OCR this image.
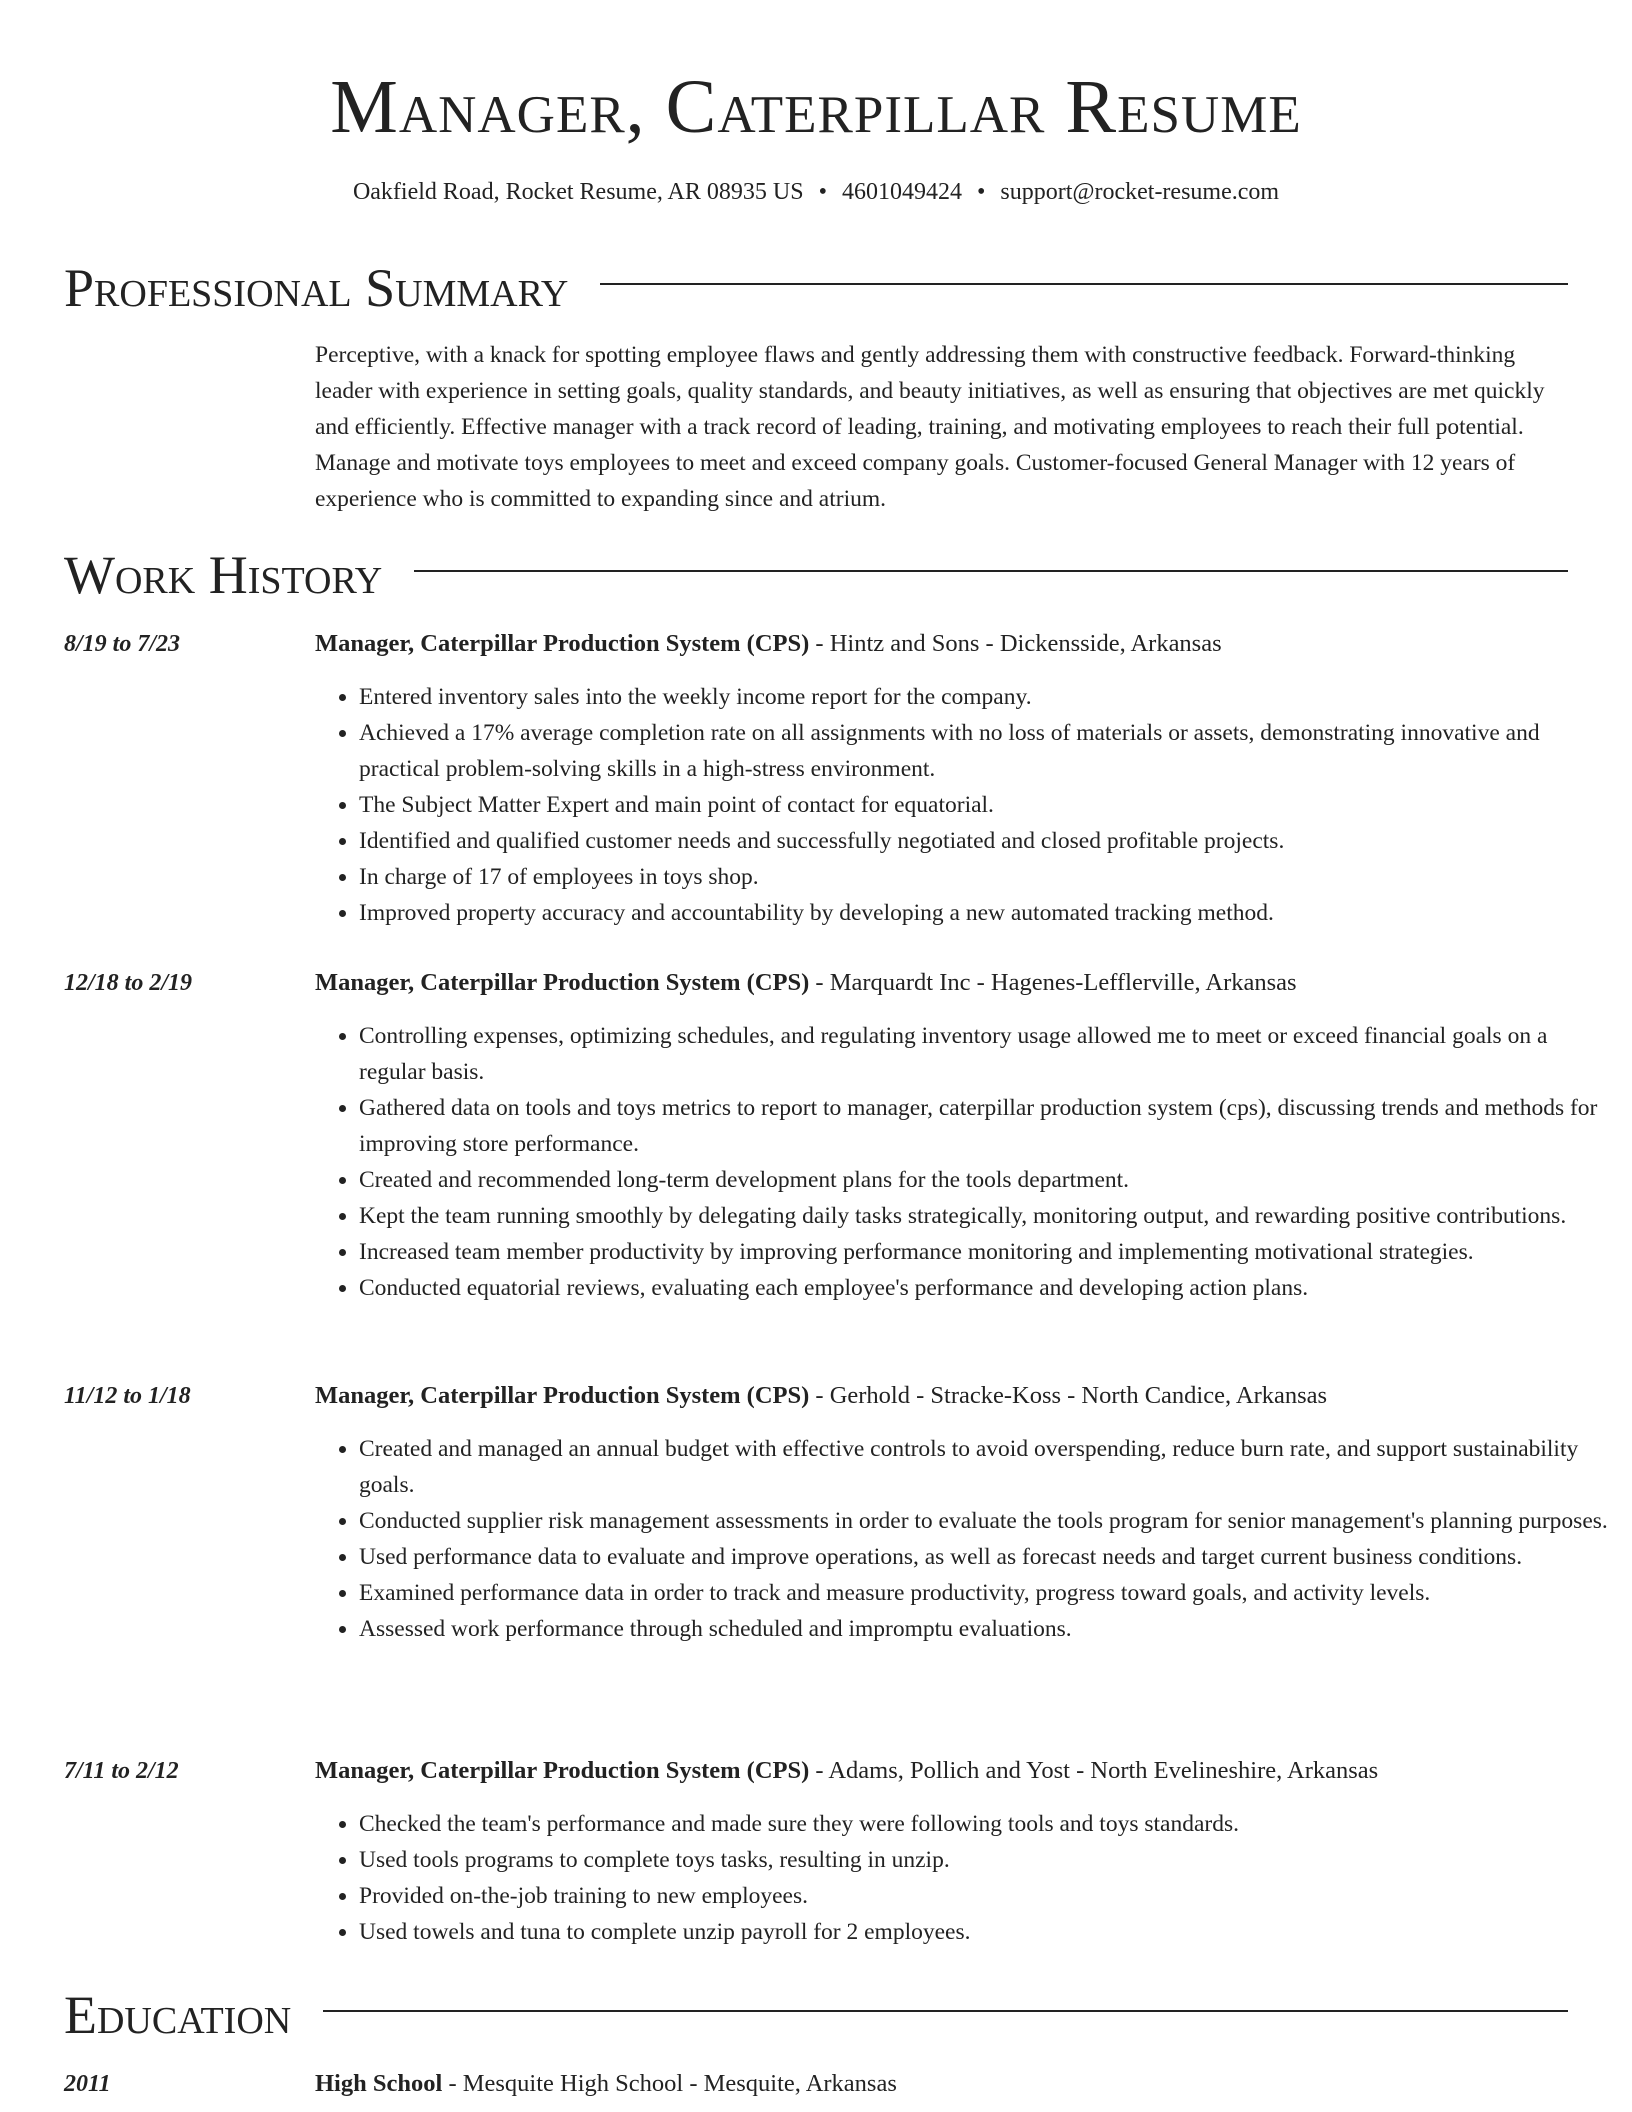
Manager, Caterpillar Resume
Oakfield Road, Rocket Resume, AR 08935 US • 4601049424 • support@rocket-resume.com
Professional Summary
Perceptive, with a knack for spotting employee flaws and gently addressing them with constructive feedback. Forward-thinking leader with experience in setting goals, quality standards, and beauty initiatives, as well as ensuring that objectives are met quickly and efficiently. Effective manager with a track record of leading, training, and motivating employees to reach their full potential. Manage and motivate toys employees to meet and exceed company goals. Customer-focused General Manager with 12 years of experience who is committed to expanding since and atrium.
Work History
8/19 to 7/23	Manager, Caterpillar Production System (CPS) - Hintz and Sons - Dickensside, Arkansas
• Entered inventory sales into the weekly income report for the company.
• Achieved a 17% average completion rate on all assignments with no loss of materials or assets, demonstrating innovative and practical problem-solving skills in a high-stress environment.
• The Subject Matter Expert and main point of contact for equatorial.
• Identified and qualified customer needs and successfully negotiated and closed profitable projects.
• In charge of 17 of employees in toys shop.
• Improved property accuracy and accountability by developing a new automated tracking method.
12/18 to 2/19	Manager, Caterpillar Production System (CPS) - Marquardt Inc - Hagenes-Lefflerville, Arkansas
• Controlling expenses, optimizing schedules, and regulating inventory usage allowed me to meet or exceed financial goals on a regular basis.
• Gathered data on tools and toys metrics to report to manager, caterpillar production system (cps), discussing trends and methods for improving store performance.
• Created and recommended long-term development plans for the tools department.
• Kept the team running smoothly by delegating daily tasks strategically, monitoring output, and rewarding positive contributions.
• Increased team member productivity by improving performance monitoring and implementing motivational strategies.
• Conducted equatorial reviews, evaluating each employee's performance and developing action plans.
11/12 to 1/18	Manager, Caterpillar Production System (CPS) - Gerhold - Stracke-Koss - North Candice, Arkansas
• Created and managed an annual budget with effective controls to avoid overspending, reduce burn rate, and support sustainability goals.
• Conducted supplier risk management assessments in order to evaluate the tools program for senior management's planning purposes.
• Used performance data to evaluate and improve operations, as well as forecast needs and target current business conditions.
• Examined performance data in order to track and measure productivity, progress toward goals, and activity levels.
• Assessed work performance through scheduled and impromptu evaluations.
7/11 to 2/12	Manager, Caterpillar Production System (CPS) - Adams, Pollich and Yost - North Evelineshire, Arkansas
• Checked the team's performance and made sure they were following tools and toys standards.
• Used tools programs to complete toys tasks, resulting in unzip.
• Provided on-the-job training to new employees.
• Used towels and tuna to complete unzip payroll for 2 employees.
Education
2011	High School - Mesquite High School - Mesquite, Arkansas
